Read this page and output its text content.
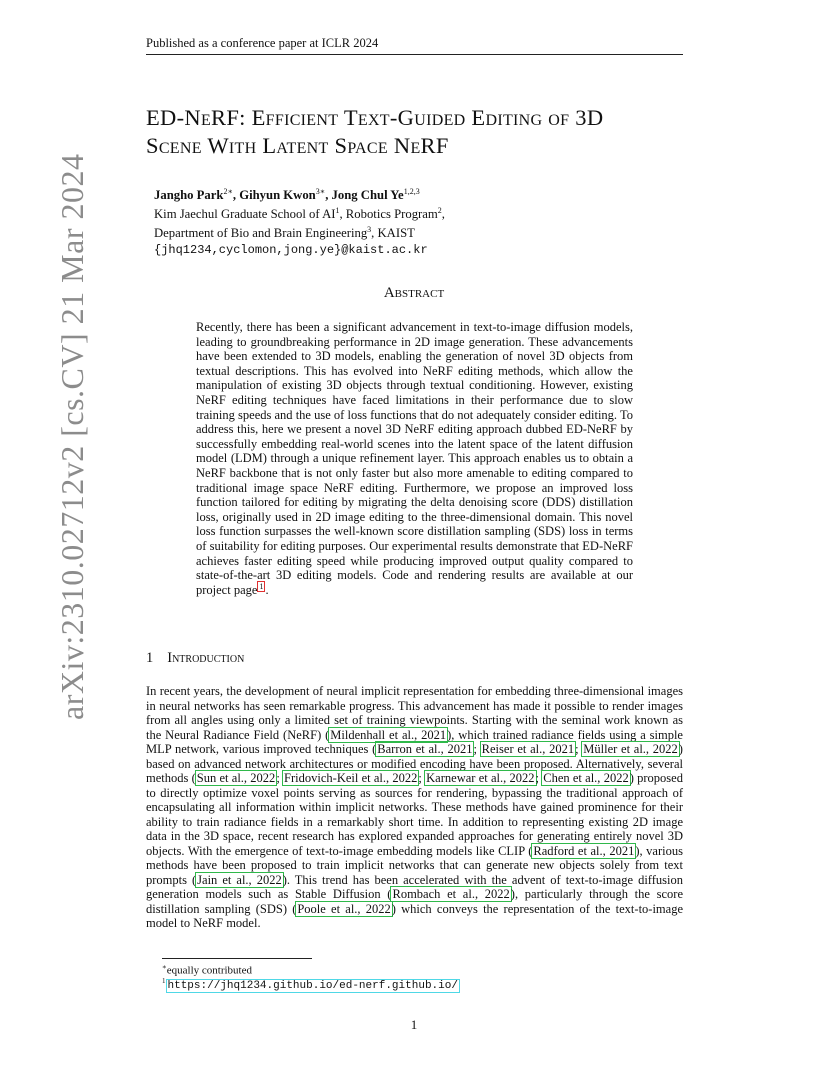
Published as a conference paper at ICLR 2024
arXiv:2310.02712v2 [cs.CV] 21 Mar 2024
ED-NeRF: Efficient Text-Guided Editing of 3D
Scene With Latent Space NeRF
Jangho Park$^{2∗}$, Gihyun Kwon$^{3∗}$, Jong Chul Ye$^{1,2,3}$
Kim Jaechul Graduate School of $AI^1$, Robotics Program$^2$,
Department of Bio and Brain Engineering$^3$, KAIST
{jhq1234,cyclomon,jong.ye}@kaist.ac.kr
Abstract
Recently, there has been a significant advancement in text-to-image diffusion models, leading to groundbreaking performance in 2D image generation. These advancements have been extended to 3D models, enabling the generation of novel 3D objects from textual descriptions. This has evolved into NeRF editing methods, which allow the manipulation of existing 3D objects through textual conditioning. However, existing NeRF editing techniques have faced limitations in their performance due to slow training speeds and the use of loss functions that do not adequately consider editing. To address this, here we present a novel 3D NeRF editing approach dubbed ED-NeRF by successfully embedding real-world scenes into the latent space of the latent diffusion model (LDM) through a unique refinement layer. This approach enables us to obtain a NeRF backbone that is not only faster but also more amenable to editing compared to traditional image space NeRF editing. Furthermore, we propose an improved loss function tailored for editing by migrating the delta denoising score (DDS) distillation loss, originally used in 2D image editing to the three-dimensional domain. This novel loss function surpasses the well-known score distillation sampling (SDS) loss in terms of suitability for editing purposes. Our experimental results demonstrate that ED-NeRF achieves faster editing speed while producing improved output quality compared to state-of-the-art 3D editing models. Code and rendering results are available at our project page $^1$ .
1 Introduction
In recent years, the development of neural implicit representation for embedding three-dimensional images in neural networks has seen remarkable progress. This advancement has made it possible to render images from all angles using only a limited set of training viewpoints. Starting with the seminal work known as the Neural Radiance Field (NeRF) (Mildenhall et al., 2021), which trained radiance fields using a simple MLP network, various improved techniques (Barron et al., 2021; Reiser et al., 2021; Müller et al., 2022) based on advanced network architectures or modified encoding have been proposed. Alternatively, several methods (Sun et al., 2022; Fridovich-Keil et al., 2022; Karnewar et al., 2022; Chen et al., 2022) proposed to directly optimize voxel points serving as sources for rendering, bypassing the traditional approach of encapsulating all information within implicit networks. These methods have gained prominence for their ability to train radiance fields in a remarkably short time. In addition to representing existing 2D image data in the 3D space, recent research has explored expanded approaches for generating entirely novel 3D objects. With the emergence of text-to-image embedding models like CLIP (Radford et al., 2021), various methods have been proposed to train implicit networks that can generate new objects solely from text prompts (Jain et al., 2022). This trend has been accelerated with the advent of text-to-image diffusion generation models such as Stable Diffusion (Rombach et al., 2022), particularly through the score distillation sampling (SDS) (Poole et al., 2022) which conveys the representation of the text-to-image model to NeRF model.
∗equally contributed
$^1$ https://jhq1234.github.io/ed-nerf.github.io/
1
